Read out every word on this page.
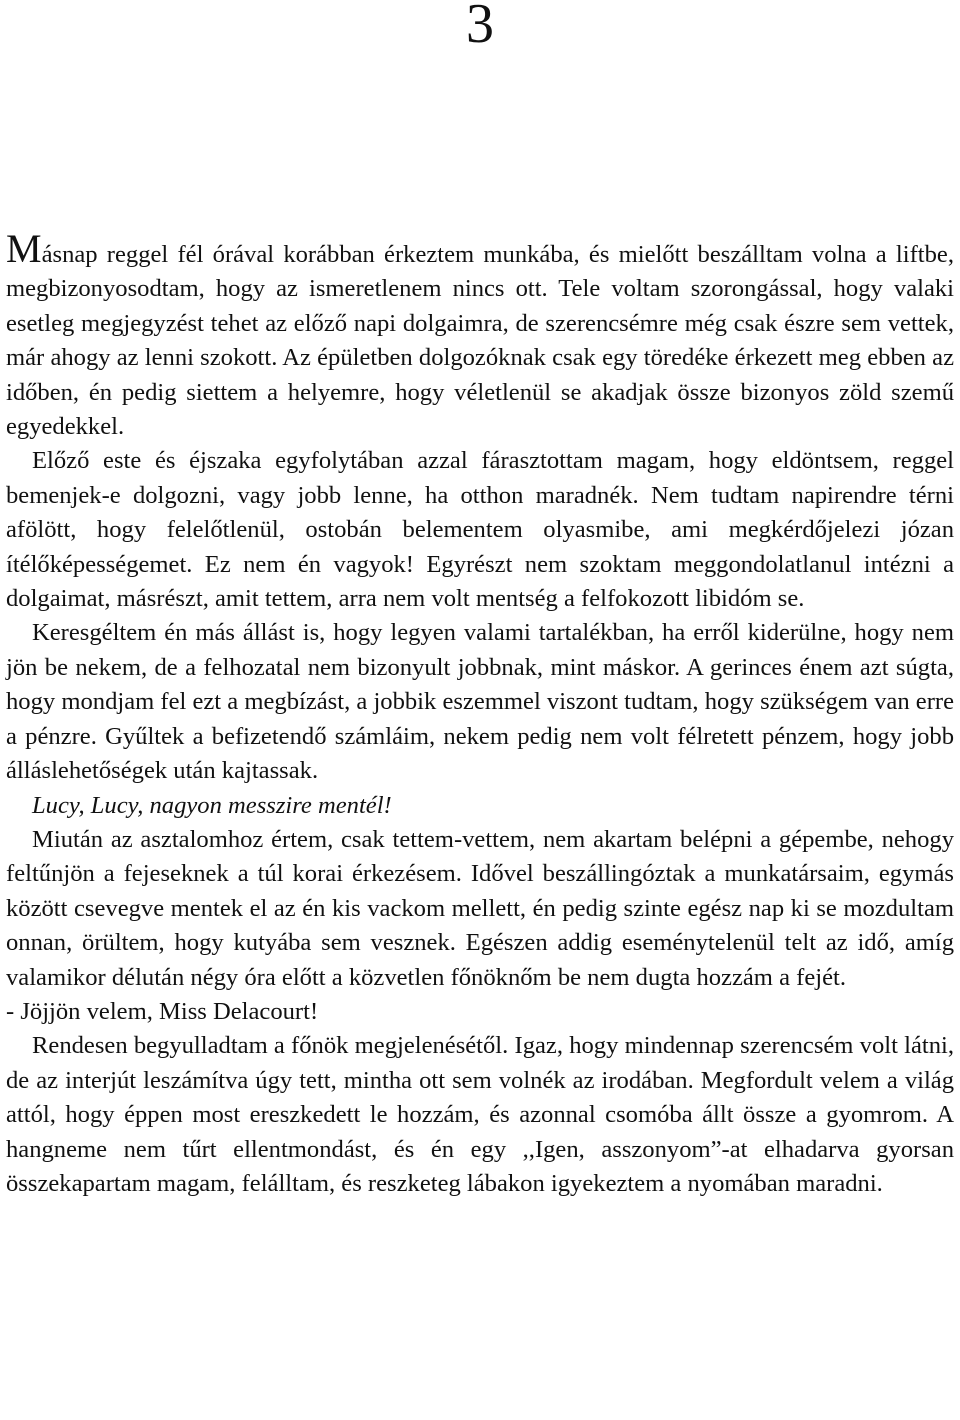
3

Másnap reggel fél órával korábban érkeztem munkába, és mielőtt beszálltam volna a liftbe, megbizonyosodtam, hogy az ismeretlenem nincs ott. Tele voltam szorongással, hogy valaki esetleg megjegyzést tehet az előző napi dolgaimra, de szerencsémre még csak észre sem vettek, már ahogy az lenni szokott. Az épületben dolgozóknak csak egy töredéke érkezett meg ebben az időben, én pedig siettem a helyemre, hogy véletlenül se akadjak össze bizonyos zöld szemű egyedekkel.

Előző este és éjszaka egyfolytában azzal fárasztottam magam, hogy eldöntsem, reggel bemenjek-e dolgozni, vagy jobb lenne, ha otthon maradnék. Nem tudtam napirendre térni afölött, hogy felelőtlenül, ostobán belementem olyasmibe, ami megkérdőjelezi józan ítélőképességemet. Ez nem én vagyok! Egyrészt nem szoktam meggondolatlanul intézni a dolgaimat, másrészt, amit tettem, arra nem volt mentség a felfokozott libidóm se.

Keresgéltem én más állást is, hogy legyen valami tartalékban, ha erről kiderülne, hogy nem jön be nekem, de a felhozatal nem bizonyult jobbnak, mint máskor. A gerinces énem azt súgta, hogy mondjam fel ezt a megbízást, a jobbik eszemmel viszont tudtam, hogy szükségem van erre a pénzre. Gyűltek a befizetendő számláim, nekem pedig nem volt félretett pénzem, hogy jobb álláslehetőségek után kajtassak.

Lucy, Lucy, nagyon messzire mentél!

Miután az asztalomhoz értem, csak tettem-vettem, nem akartam belépni a gépembe, nehogy feltűnjön a fejeseknek a túl korai érkezésem. Idővel beszállingóztak a munkatársaim, egymás között csevegve mentek el az én kis vackom mellett, én pedig szinte egész nap ki se mozdultam onnan, örültem, hogy kutyába sem vesznek. Egészen addig eseménytelenül telt az idő, amíg valamikor délután négy óra előtt a közvetlen főnöknőm be nem dugta hozzám a fejét.

- Jöjjön velem, Miss Delacourt!

Rendesen begyulladtam a főnök megjelenésétől. Igaz, hogy mindennap szerencsém volt látni, de az interjút leszámítva úgy tett, mintha ott sem volnék az irodában. Megfordult velem a világ attól, hogy éppen most ereszkedett le hozzám, és azonnal csomóba állt össze a gyomrom. A hangneme nem tűrt ellentmondást, és én egy ,,Igen, asszonyom”-at elhadarva gyorsan összekapartam magam, felálltam, és reszketeg lábakon igyekeztem a nyomában maradni.
